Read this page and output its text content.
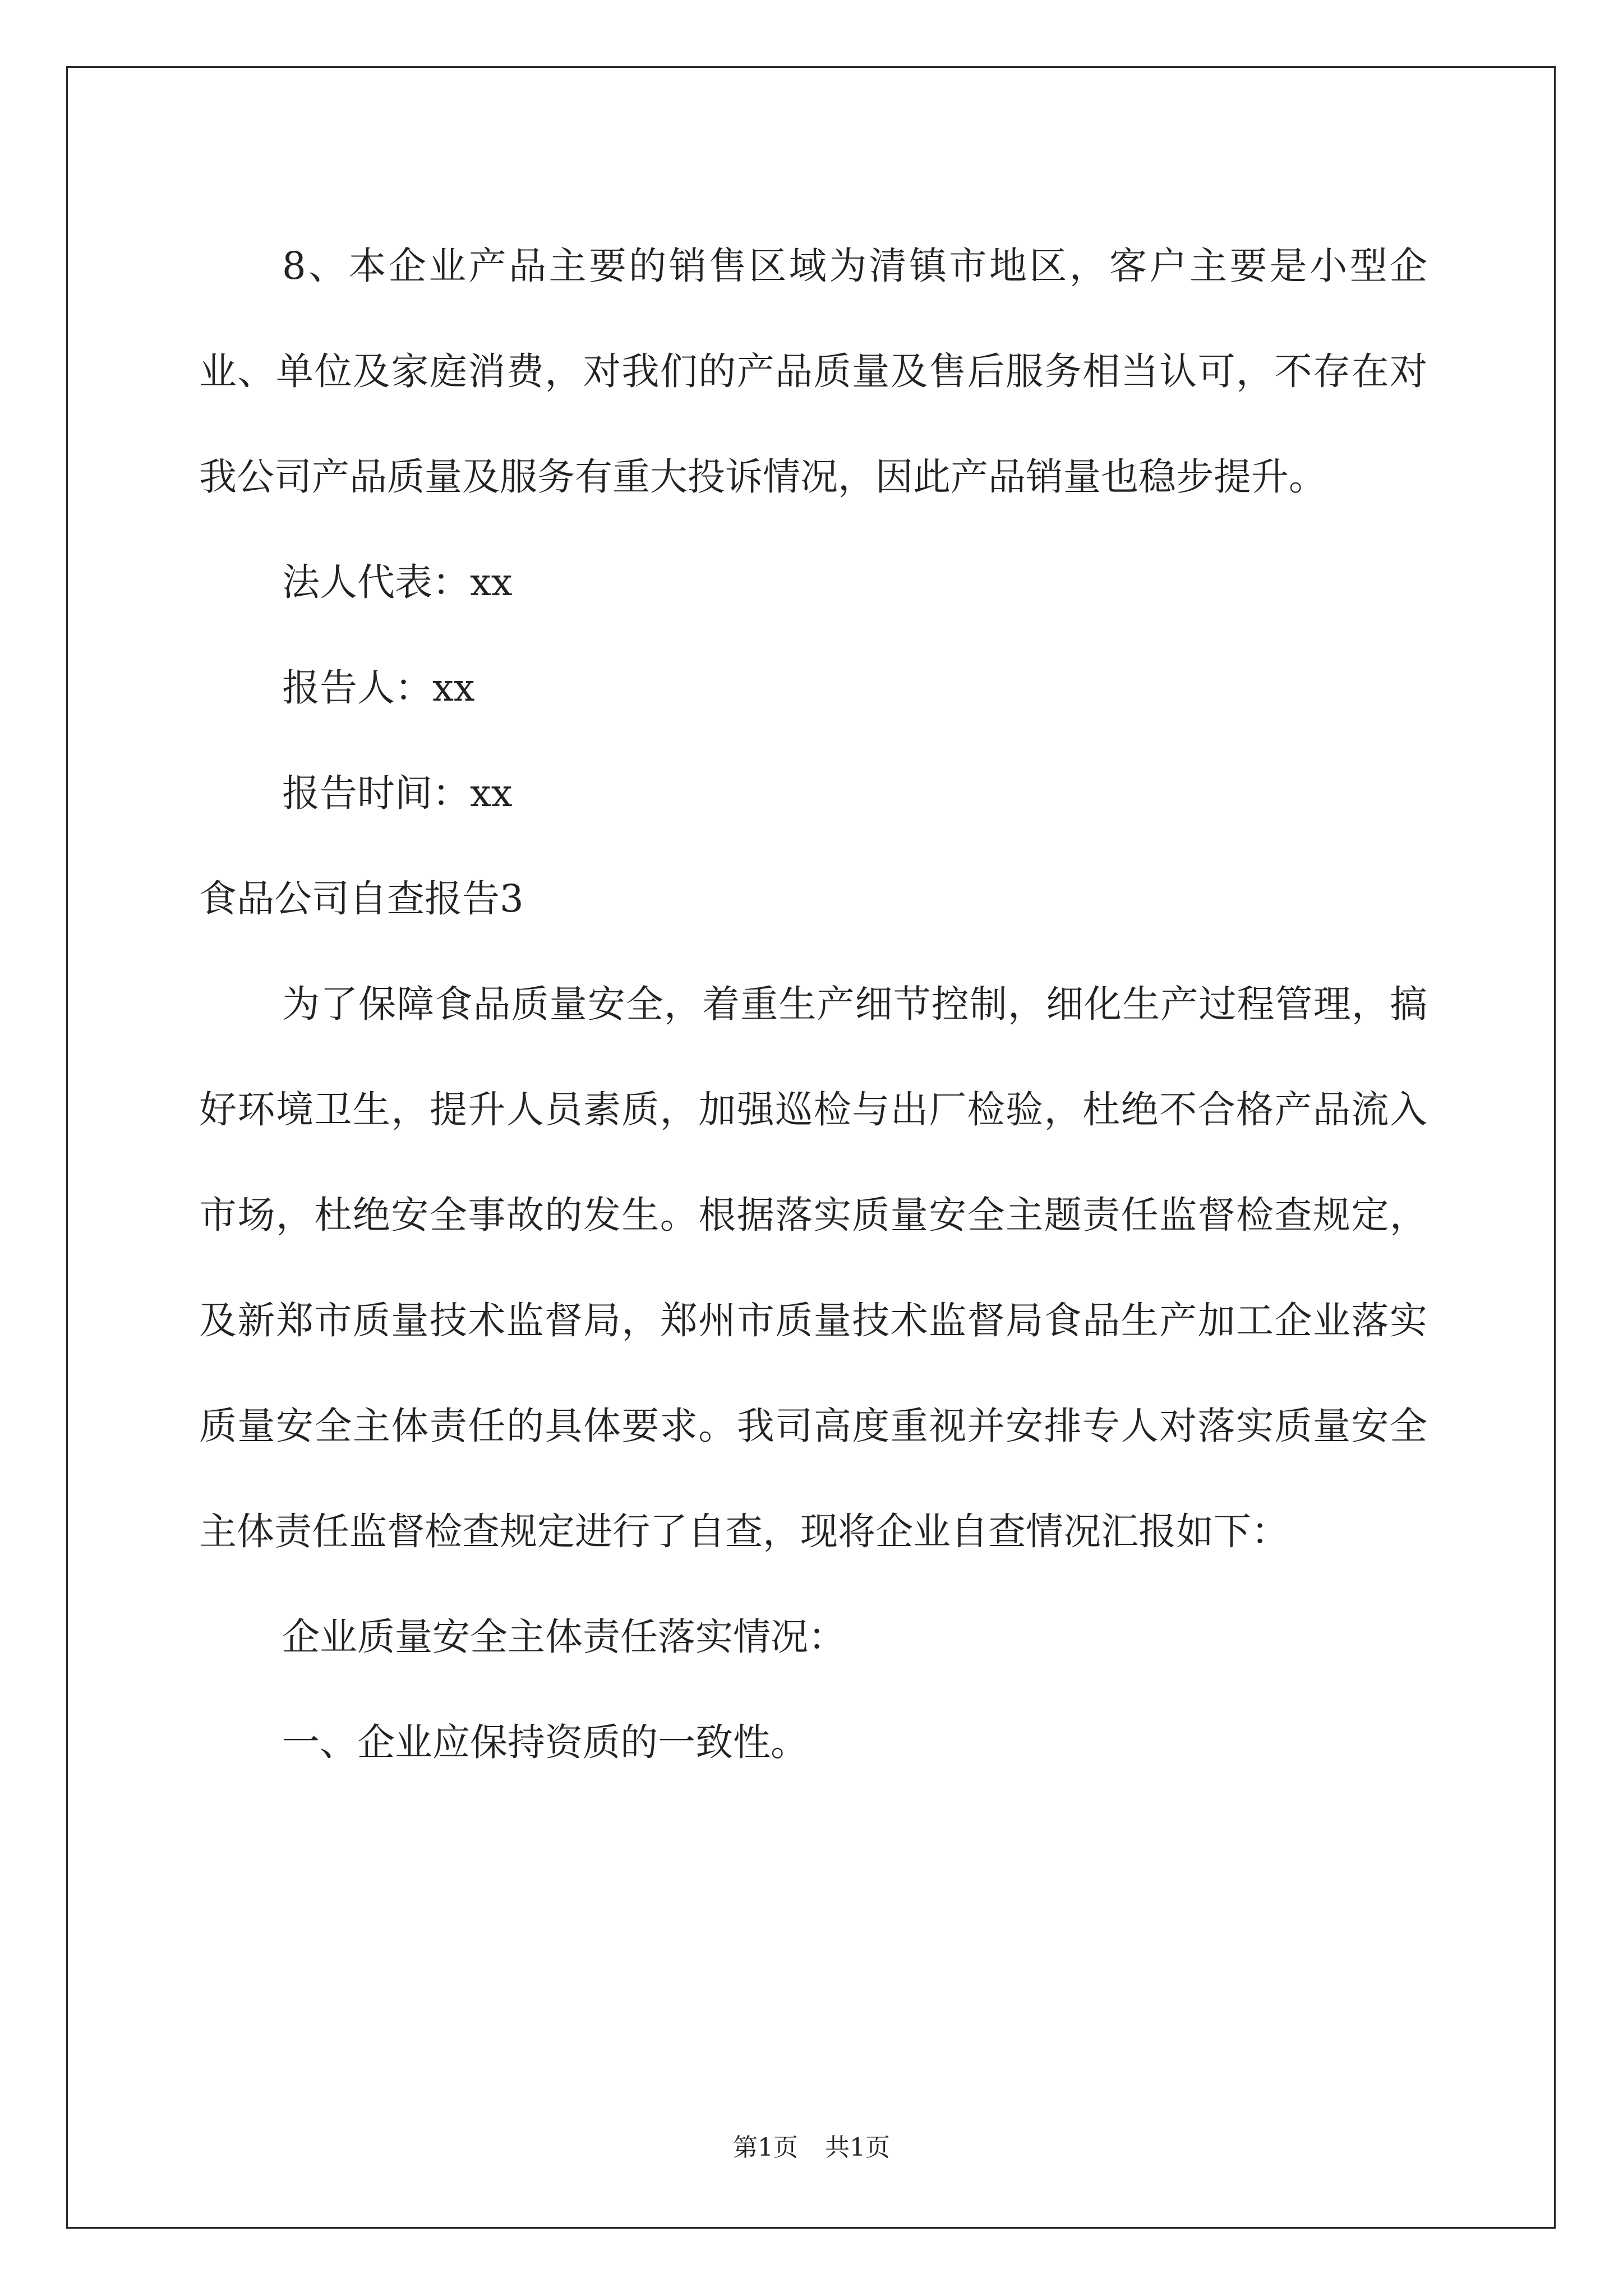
8、本企业产品主要的销售区域为清镇市地区，客户主要是小型企业、单位及家庭消费，对我们的产品质量及售后服务相当认可，不存在对我公司产品质量及服务有重大投诉情况，因此产品销量也稳步提升。

法人代表：xx

报告人：xx

报告时间：xx

食品公司自查报告3

为了保障食品质量安全，着重生产细节控制，细化生产过程管理，搞好环境卫生，提升人员素质，加强巡检与出厂检验，杜绝不合格产品流入市场，杜绝安全事故的发生。根据落实质量安全主题责任监督检查规定，及新郑市质量技术监督局，郑州市质量技术监督局食品生产加工企业落实质量安全主体责任的具体要求。我司高度重视并安排专人对落实质量安全主体责任监督检查规定进行了自查，现将企业自查情况汇报如下：

企业质量安全主体责任落实情况：

一、企业应保持资质的一致性。

第1页 共1页
